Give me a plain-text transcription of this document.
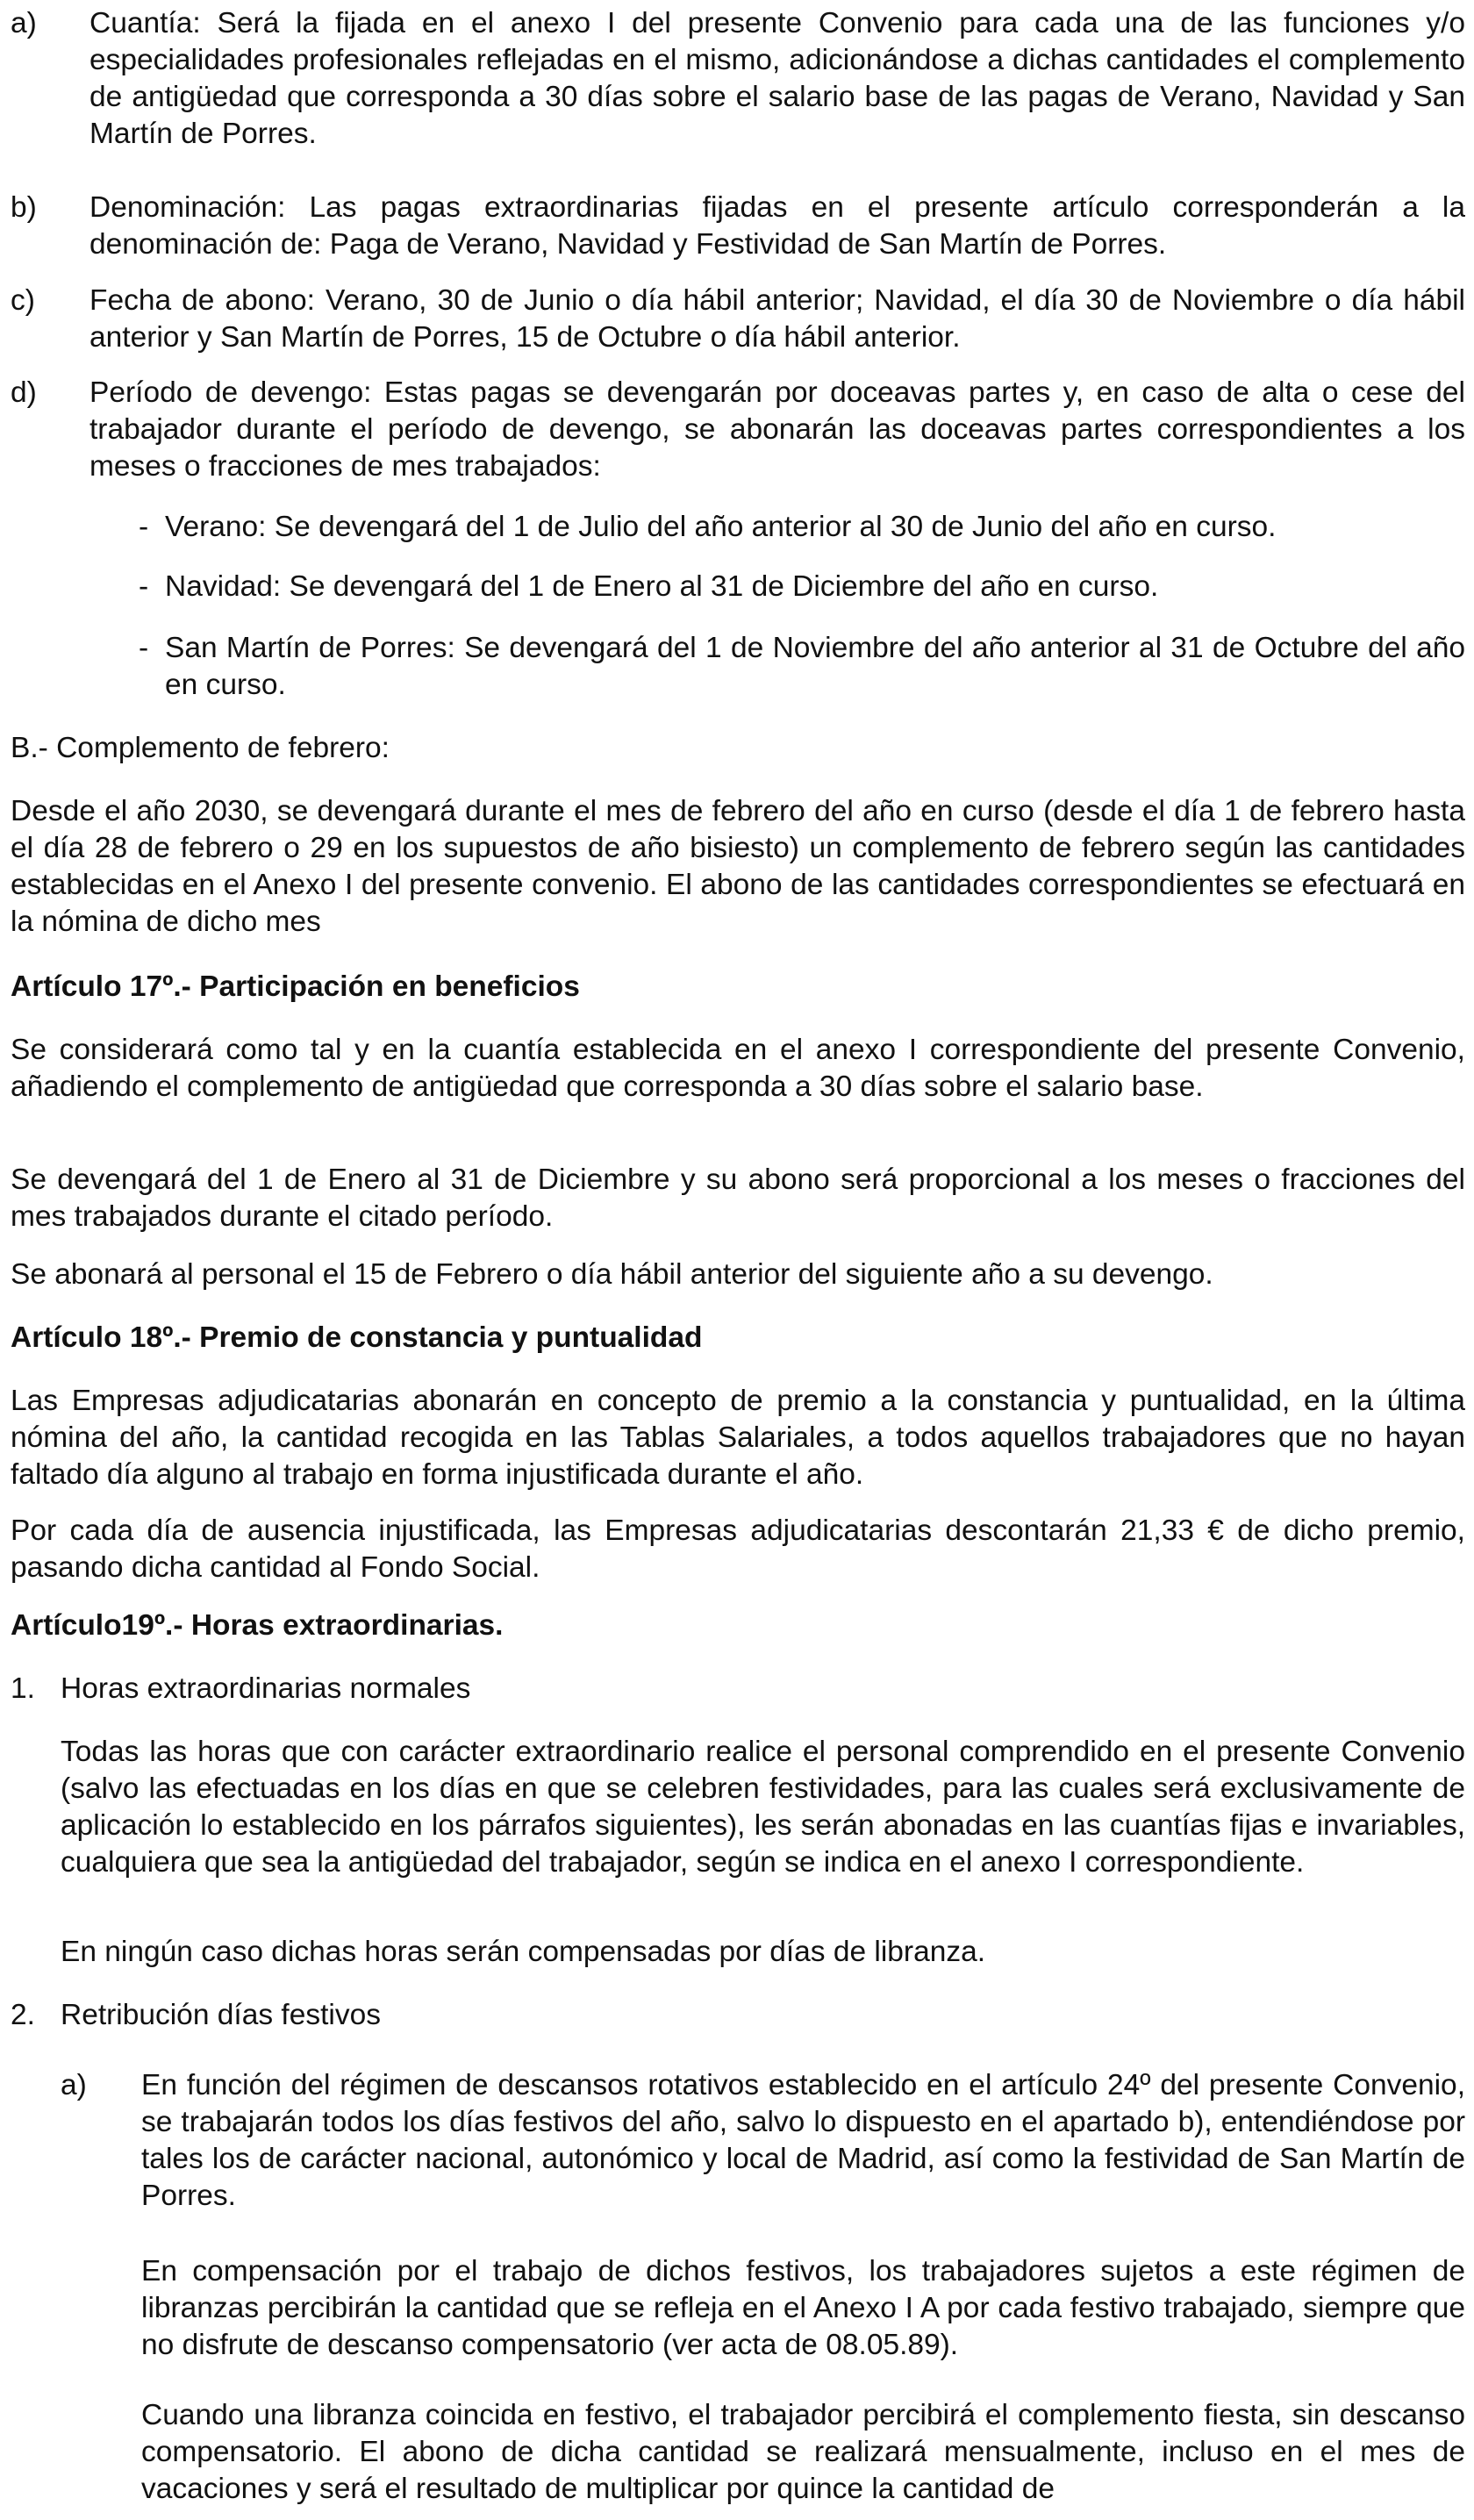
a)	Cuantía: Será la fijada en el anexo I del presente Convenio para cada una de las funciones y/o especialidades profesionales reflejadas en el mismo, adicionándose a dichas cantidades el complemento de antigüedad que corresponda a 30 días sobre el salario base de las pagas de Verano, Navidad y San Martín de Porres.

b)	Denominación: Las pagas extraordinarias fijadas en el presente artículo corresponderán a la denominación de: Paga de Verano, Navidad y Festividad de San Martín de Porres.

c)	Fecha de abono: Verano, 30 de Junio o día hábil anterior; Navidad, el día 30 de Noviembre o día hábil anterior y San Martín de Porres, 15 de Octubre o día hábil anterior.

d)	Período de devengo: Estas pagas se devengarán por doceavas partes y, en caso de alta o cese del trabajador durante el período de devengo, se abonarán las doceavas partes correspondientes a los meses o fracciones de mes trabajados:

- Verano: Se devengará del 1 de Julio del año anterior al 30 de Junio del año en curso.

- Navidad: Se devengará del 1 de Enero al 31 de Diciembre del año en curso.

- San Martín de Porres: Se devengará del 1 de Noviembre del año anterior al 31 de Octubre del año en curso.

B.- Complemento de febrero:

Desde el año 2030, se devengará durante el mes de febrero del año en curso (desde el día 1 de febrero hasta el día 28 de febrero o 29 en los supuestos de año bisiesto) un complemento de febrero según las cantidades establecidas en el Anexo I del presente convenio. El abono de las cantidades correspondientes se efectuará en la nómina de dicho mes

Artículo 17º.- Participación en beneficios

Se considerará como tal y en la cuantía establecida en el anexo I correspondiente del presente Convenio, añadiendo el complemento de antigüedad que corresponda a 30 días sobre el salario base.

Se devengará del 1 de Enero al 31 de Diciembre y su abono será proporcional a los meses o fracciones del mes trabajados durante el citado período.

Se abonará al personal el 15 de Febrero o día hábil anterior del siguiente año a su devengo.

Artículo 18º.- Premio de constancia y puntualidad

Las Empresas adjudicatarias abonarán en concepto de premio a la constancia y puntualidad, en la última nómina del año, la cantidad recogida en las Tablas Salariales, a todos aquellos trabajadores que no hayan faltado día alguno al trabajo en forma injustificada durante el año.

Por cada día de ausencia injustificada, las Empresas adjudicatarias descontarán 21,33 € de dicho premio, pasando dicha cantidad al Fondo Social.

Artículo19º.- Horas extraordinarias.

1. Horas extraordinarias normales

Todas las horas que con carácter extraordinario realice el personal comprendido en el presente Convenio (salvo las efectuadas en los días en que se celebren festividades, para las cuales será exclusivamente de aplicación lo establecido en los párrafos siguientes), les serán abonadas en las cuantías fijas e invariables, cualquiera que sea la antigüedad del trabajador, según se indica en el anexo I correspondiente.

En ningún caso dichas horas serán compensadas por días de libranza.

2. Retribución días festivos

a)	En función del régimen de descansos rotativos establecido en el artículo 24º del presente Convenio, se trabajarán todos los días festivos del año, salvo lo dispuesto en el apartado b), entendiéndose por tales los de carácter nacional, autonómico y local de Madrid, así como la festividad de San Martín de Porres.

En compensación por el trabajo de dichos festivos, los trabajadores sujetos a este régimen de libranzas percibirán la cantidad que se refleja en el Anexo I A por cada festivo trabajado, siempre que no disfrute de descanso compensatorio (ver acta de 08.05.89).

Cuando una libranza coincida en festivo, el trabajador percibirá el complemento fiesta, sin descanso compensatorio. El abono de dicha cantidad se realizará mensualmente, incluso en el mes de vacaciones y será el resultado de multiplicar por quince la cantidad de
